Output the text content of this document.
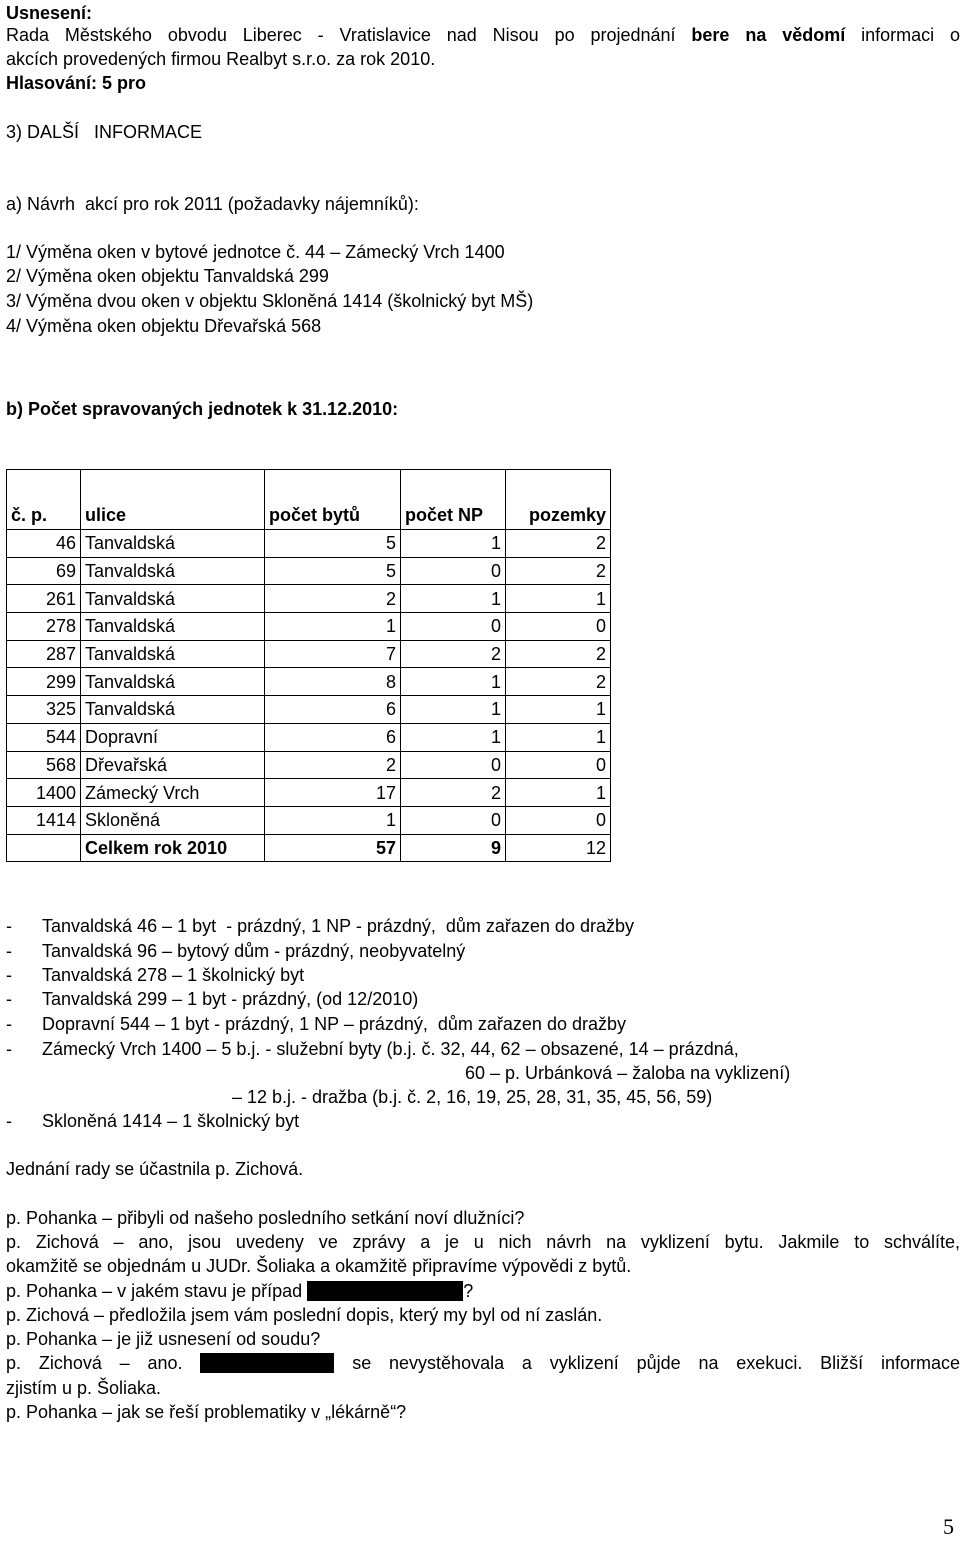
Usnesení:
Rada Městského obvodu Liberec - Vratislavice nad Nisou po projednání bere na vědomí informaci o
akcích provedených firmou Realbyt s.r.o. za rok 2010.
Hlasování: 5 pro
3) DALŠÍ   INFORMACE
a) Návrh  akcí pro rok 2011 (požadavky nájemníků):
1/ Výměna oken v bytové jednotce č. 44 – Zámecký Vrch 1400
2/ Výměna oken objektu Tanvaldská 299
3/ Výměna dvou oken v objektu Skloněná 1414 (školnický byt MŠ)
4/ Výměna oken objektu Dřevařská 568
b) Počet spravovaných jednotek k 31.12.2010:
č. p.	ulice	počet bytů	počet NP	pozemky
46	Tanvaldská	5	1	2
69	Tanvaldská	5	0	2
261	Tanvaldská	2	1	1
278	Tanvaldská	1	0	0
287	Tanvaldská	7	2	2
299	Tanvaldská	8	1	2
325	Tanvaldská	6	1	1
544	Dopravní	6	1	1
568	Dřevařská	2	0	0
1400	Zámecký Vrch	17	2	1
1414	Skloněná	1	0	0
	Celkem rok 2010	57	9	12
- Tanvaldská 46 – 1 byt  - prázdný, 1 NP - prázdný,  dům zařazen do dražby
- Tanvaldská 96 – bytový dům - prázdný, neobyvatelný
- Tanvaldská 278 – 1 školnický byt
- Tanvaldská 299 – 1 byt - prázdný, (od 12/2010)
- Dopravní 544 – 1 byt - prázdný, 1 NP – prázdný,  dům zařazen do dražby
- Zámecký Vrch 1400 – 5 b.j. - služební byty (b.j. č. 32, 44, 62 – obsazené, 14 – prázdná,
60 – p. Urbánková – žaloba na vyklizení)
– 12 b.j. - dražba (b.j. č. 2, 16, 19, 25, 28, 31, 35, 45, 56, 59)
- Skloněná 1414 – 1 školnický byt
Jednání rady se účastnila p. Zichová.
p. Pohanka – přibyli od našeho posledního setkání noví dlužníci?
p. Zichová – ano, jsou uvedeny ve zprávy a je u nich návrh na vyklizení bytu. Jakmile to schválíte,
okamžitě se objednám u JUDr. Šoliaka a okamžitě připravíme výpovědi z bytů.
p. Pohanka – v jakém stavu je případ	?
p. Zichová – předložila jsem vám poslední dopis, který my byl od ní zaslán.
p. Pohanka – je již usnesení od soudu?
p. Zichová – ano.	se nevystěhovala a vyklizení půjde na exekuci. Bližší informace
zjistím u p. Šoliaka.
p. Pohanka – jak se řeší problematiky v „lékárně“?
5
